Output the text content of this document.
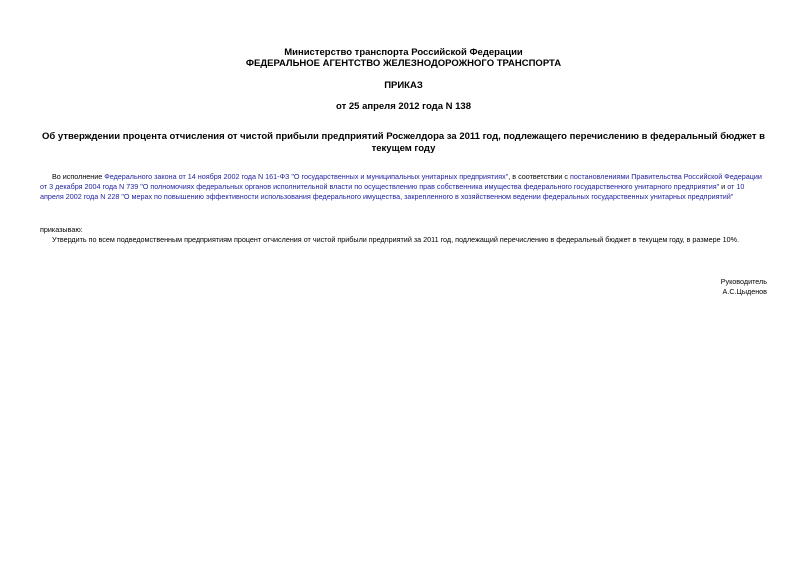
Министерство транспорта Российской Федерации
ФЕДЕРАЛЬНОЕ АГЕНТСТВО ЖЕЛЕЗНОДОРОЖНОГО ТРАНСПОРТА
ПРИКАЗ
от 25 апреля 2012 года N 138
Об утверждении процента отчисления от чистой прибыли предприятий Росжелдора за 2011 год, подлежащего перечислению в федеральный бюджет в текущем году
Во исполнение Федерального закона от 14 ноября 2002 года N 161-ФЗ "О государственных и муниципальных унитарных предприятиях", в соответствии с постановлениями Правительства Российской Федерации от 3 декабря 2004 года N 739 "О полномочиях федеральных органов исполнительной власти по осуществлению прав собственника имущества федерального государственного унитарного предприятия" и от 10 апреля 2002 года N 228 "О мерах по повышению эффективности использования федерального имущества, закрепленного в хозяйственном ведении федеральных государственных унитарных предприятий"
приказываю:
Утвердить по всем подведомственным предприятиям процент отчисления от чистой прибыли предприятий за 2011 год, подлежащий перечислению в федеральный бюджет в текущем году, в размере 10%.
Руководитель
А.С.Цыденов
